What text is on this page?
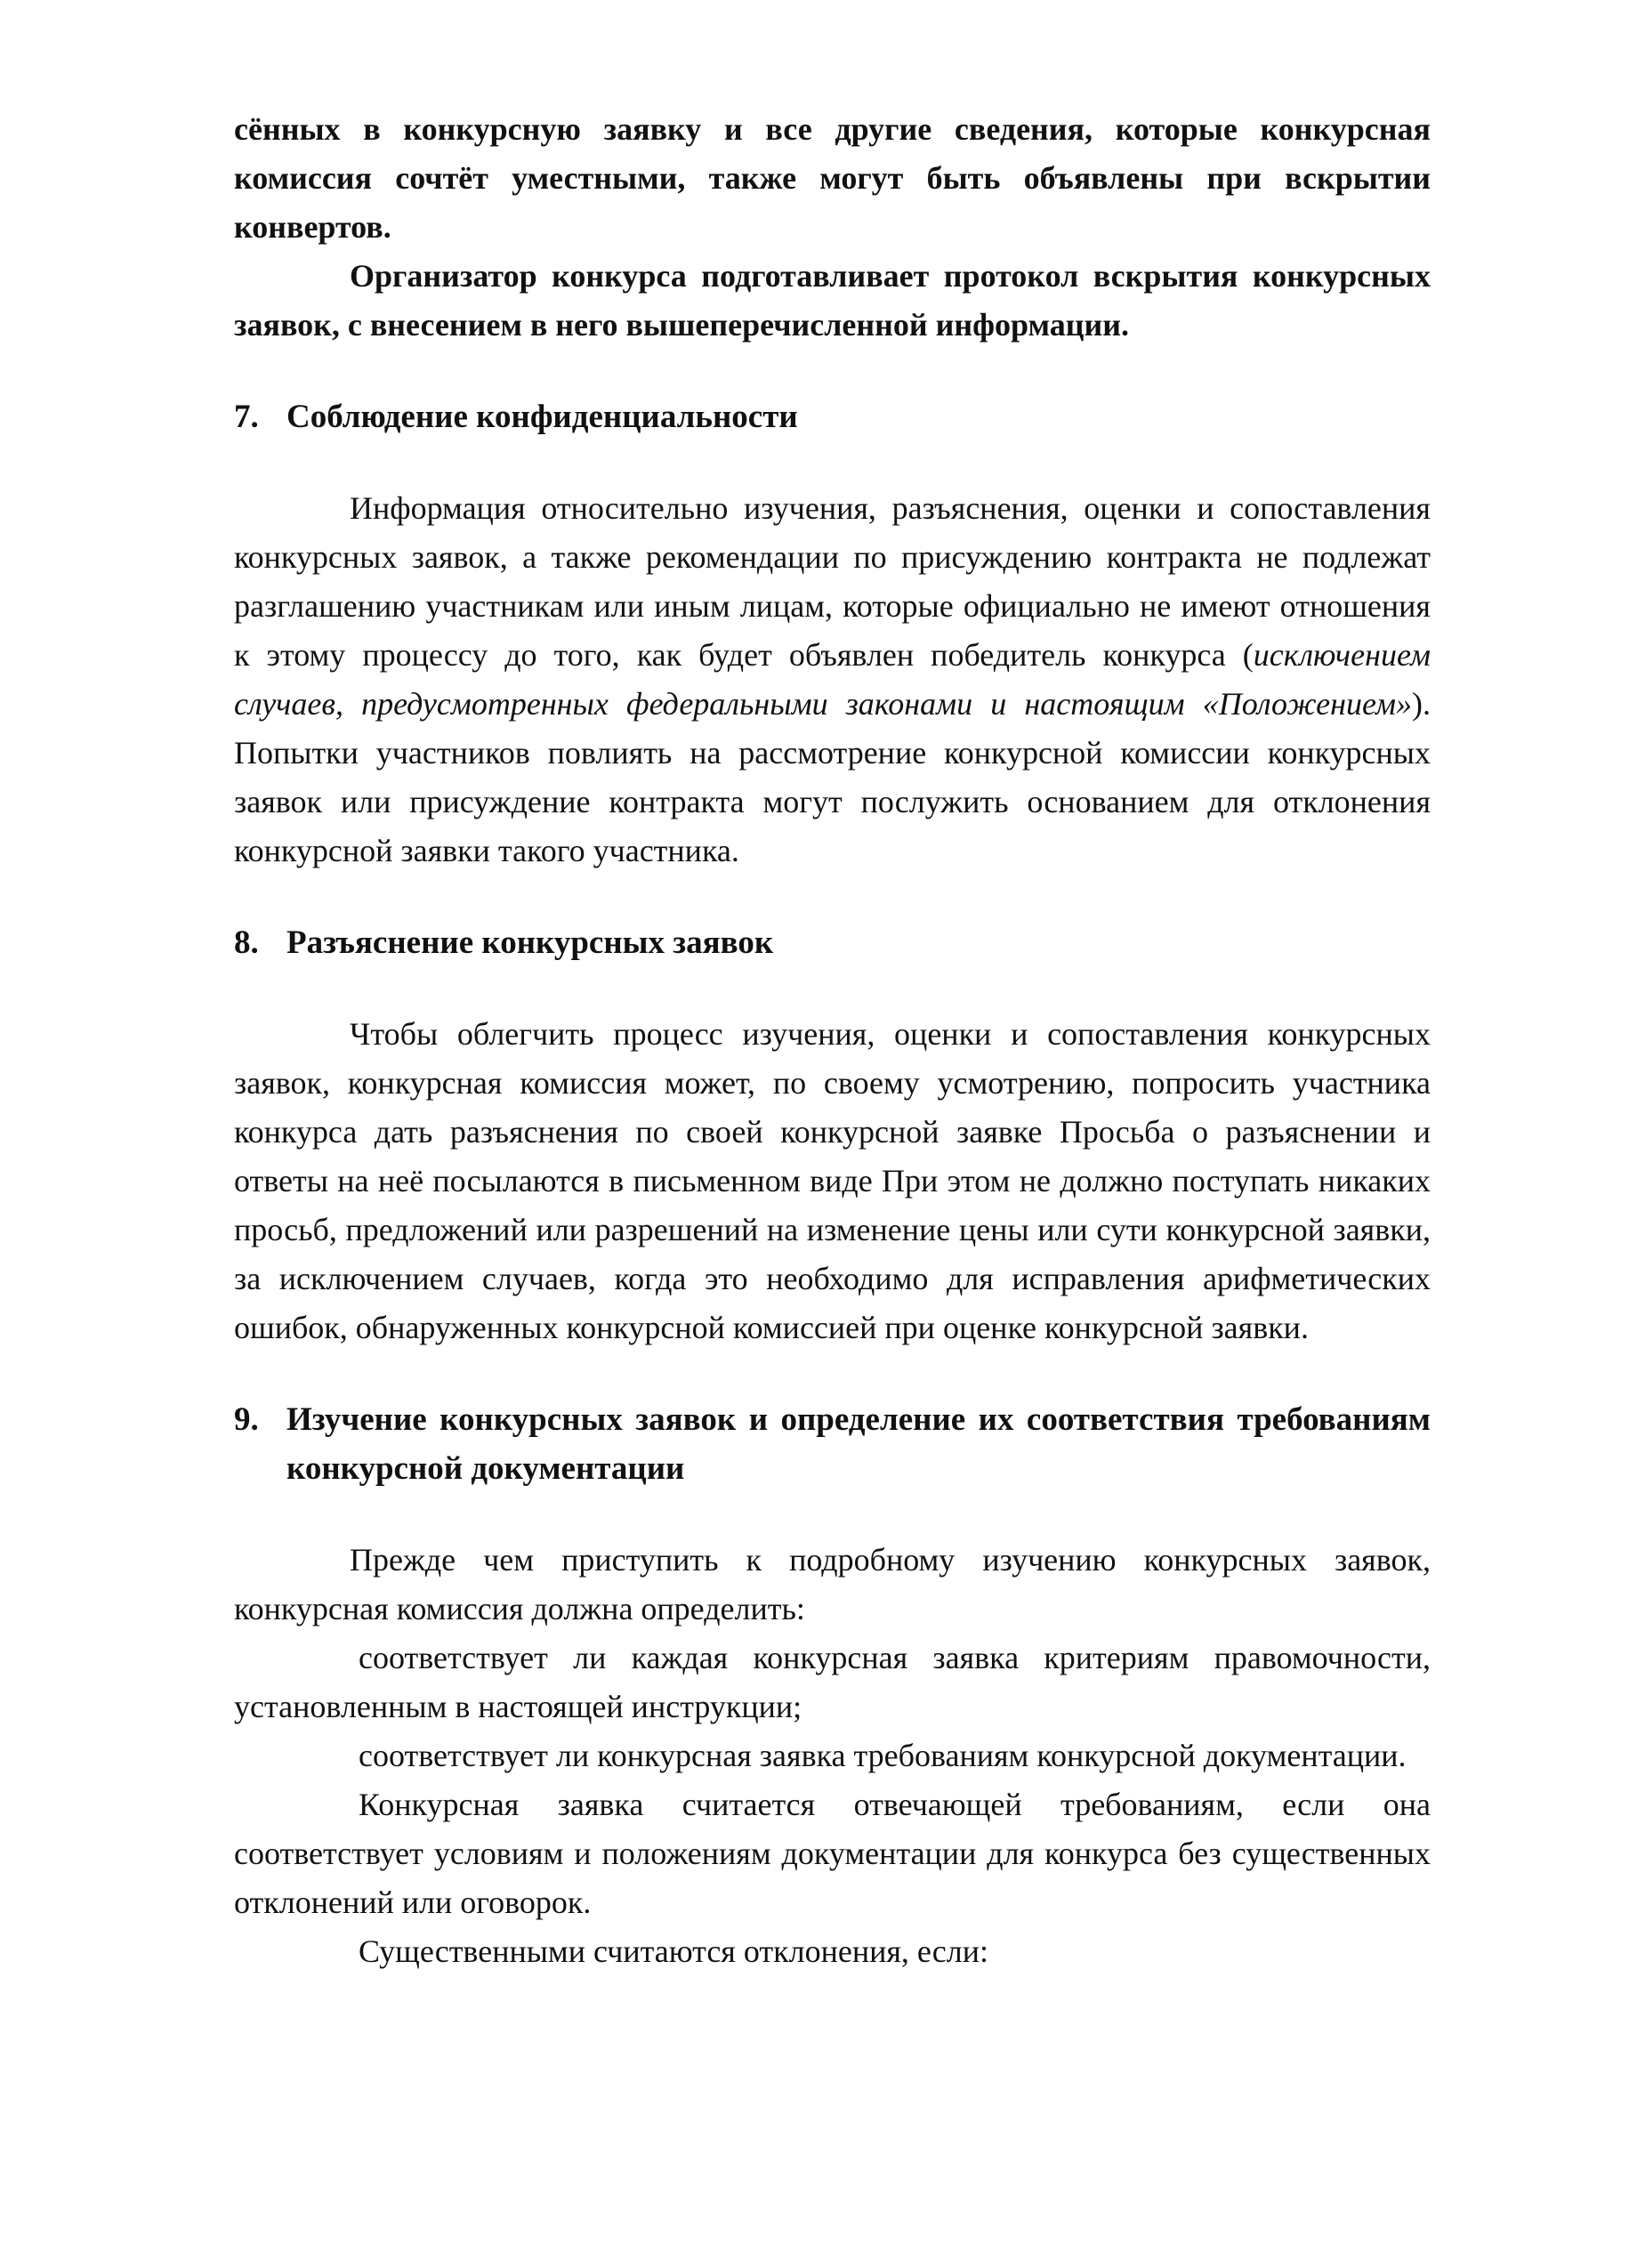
сённых в конкурсную заявку и все другие сведения, которые конкурсная комиссия сочтёт уместными, также могут быть объявлены при вскрытии конвертов.

Организатор конкурса подготавливает протокол вскрытия конкурсных заявок, с внесением в него вышеперечисленной информации.

7. Соблюдение конфиденциальности

Информация относительно изучения, разъяснения, оценки и сопоставления конкурсных заявок, а также рекомендации по присуждению контракта не подлежат разглашению участникам или иным лицам, которые официально не имеют отношения к этому процессу до того, как будет объявлен победитель конкурса (исключением случаев, предусмотренных федеральными законами и настоящим «Положением»). Попытки участников повлиять на рассмотрение конкурсной комиссии конкурсных заявок или присуждение контракта могут послужить основанием для отклонения конкурсной заявки такого участника.

8. Разъяснение конкурсных заявок

Чтобы облегчить процесс изучения, оценки и сопоставления конкурсных заявок, конкурсная комиссия может, по своему усмотрению, попросить участника конкурса дать разъяснения по своей конкурсной заявке Просьба о разъяснении и ответы на неё посылаются в письменном виде При этом не должно поступать никаких просьб, предложений или разрешений на изменение цены или сути конкурсной заявки, за исключением случаев, когда это необходимо для исправления арифметических ошибок, обнаруженных конкурсной комиссией при оценке конкурсной заявки.

9. Изучение конкурсных заявок и определение их соответствия требованиям конкурсной документации

Прежде чем приступить к подробному изучению конкурсных заявок, конкурсная комиссия должна определить:

соответствует ли каждая конкурсная заявка критериям правомочности, установленным в настоящей инструкции;

соответствует ли конкурсная заявка требованиям конкурсной документации.

Конкурсная заявка считается отвечающей требованиям, если она соответствует условиям и положениям документации для конкурса без существенных отклонений или оговорок.

Существенными считаются отклонения, если:
